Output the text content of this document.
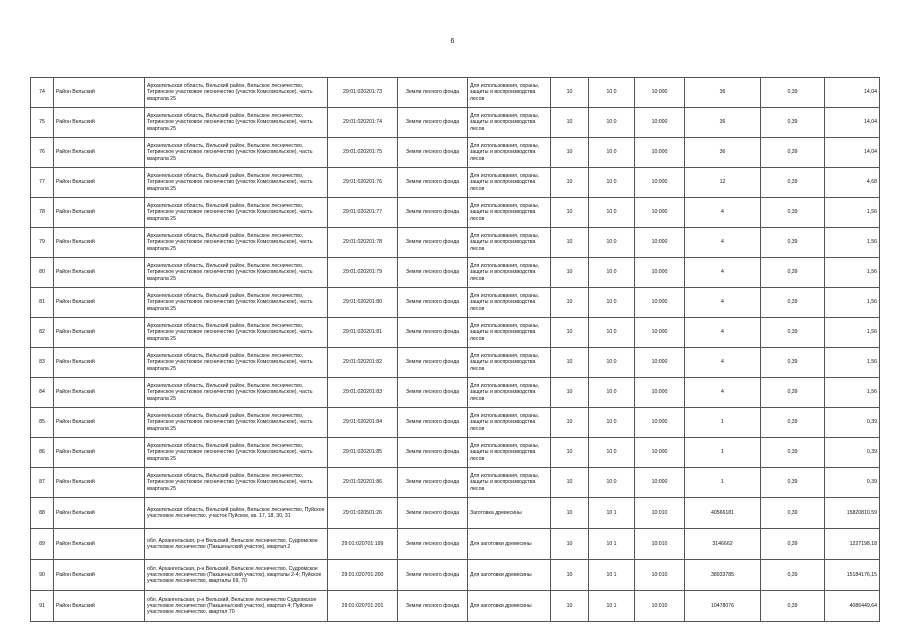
6
74	Район Вельский	Архангельская область, Вельский район, Вельское лесничество, Тегринское участковое лесничество (участок Комсомольское), часть квартала 25	29:01:020201:73	Земли лесного фонда	Для использования, охраны, защиты и воспроизводства лесов	10	10 0	10:000	36	0,39	14,04
75	Район Вельский	Архангельская область, Вельский район, Вельское лесничество, Тегринское участковое лесничество (участок Комсомольское), часть квартала 25	29:01:020201:74	Земли лесного фонда	Для использования, охраны, защиты и воспроизводства лесов	10	10 0	10:000	36	0,39	14,04
76	Район Вельский	Архангельская область, Вельский район, Вельское лесничество, Тегринское участковое лесничество (участок Комсомольское), часть квартала 25	29:01:020201:75	Земли лесного фонда	Для использования, охраны, защиты и воспроизводства лесов	10	10 0	10:000	36	0,39	14,04
77	Район Вельский	Архангельская область, Вельский район, Вельское лесничество, Тегринское участковое лесничество (участок Комсомольское), часть квартала 25	29:01:020201:76	Земли лесного фонда	Для использования, охраны, защиты и воспроизводства лесов	10	10 0	10:000	12	0,39	4,68
78	Район Вельский	Архангельская область, Вельский район, Вельское лесничество, Тегринское участковое лесничество (участок Комсомольское), часть квартала 25	29:01:020201:77	Земли лесного фонда	Для использования, охраны, защиты и воспроизводства лесов	10	10 0	10:000	4	0,39	1,56
79	Район Вельский	Архангельская область, Вельский район, Вельское лесничество, Тегринское участковое лесничество (участок Комсомольское), часть квартала 25	29:01:020201:78	Земли лесного фонда	Для использования, охраны, защиты и воспроизводства лесов	10	10 0	10:000	4	0,39	1,56
80	Район Вельский	Архангельская область, Вельский район, Вельское лесничество, Тегринское участковое лесничество (участок Комсомольское), часть квартала 25	29:01:020201:79	Земли лесного фонда	Для использования, охраны, защиты и воспроизводства лесов	10	10 0	10:000	4	0,39	1,56
81	Район Вельский	Архангельская область, Вельский район, Вельское лесничество, Тегринское участковое лесничество (участок Комсомольское), часть квартала 25	29:01:020201:80	Земли лесного фонда	Для использования, охраны, защиты и воспроизводства лесов	10	10 0	10:000	4	0,39	1,56
82	Район Вельский	Архангельская область, Вельский район, Вельское лесничество, Тегринское участковое лесничество (участок Комсомольское), часть квартала 25	29:01:020201:81	Земли лесного фонда	Для использования, охраны, защиты и воспроизводства лесов	10	10 0	10:000	4	0,39	1,56
83	Район Вельский	Архангельская область, Вельский район, Вельское лесничество, Тегринское участковое лесничество (участок Комсомольское), часть квартала 25	29:01:020201:82	Земли лесного фонда	Для использования, охраны, защиты и воспроизводства лесов	10	10 0	10:000	4	0,39	1,56
84	Район Вельский	Архангельская область, Вельский район, Вельское лесничество, Тегринское участковое лесничество (участок Комсомольское), часть квартала 25	29:01:020201:83	Земли лесного фонда	Для использования, охраны, защиты и воспроизводства лесов	10	10 0	10:000	4	0,39	1,56
85	Район Вельский	Архангельская область, Вельский район, Вельское лесничество, Тегринское участковое лесничество (участок Комсомольское), часть квартала 25	29:01:020201:84	Земли лесного фонда	Для использования, охраны, защиты и воспроизводства лесов	10	10 0	10:000	1	0,39	0,39
86	Район Вельский	Архангельская область, Вельский район, Вельское лесничество, Тегринское участковое лесничество (участок Комсомольское), часть квартала 25	29:01:020201:85	Земли лесного фонда	Для использования, охраны, защиты и воспроизводства лесов	10	10 0	10:000	1	0,39	0,39
87	Район Вельский	Архангельская область, Вельский район, Вельское лесничество, Тегринское участковое лесничество (участок Комсомольское), часть квартала 25	29:01:020201:86	Земли лесного фонда	Для использования, охраны, защиты и воспроизводства лесов	10	10 0	10:000	1	0,39	0,39
88	Район Вельский	Архангельская область, Вельский район, Вельское лесничество, Пуйское участковое лесничество, участок Пуйское, кв. 17, 18, 30, 31	29:01:020501:26	Земли лесного фонда	Заготовка древесины	10	10 1	10:010	40566181	0,39	15820810,59
89	Район Вельский	обл. Архангельская, р-н Вельский, Вельское лесничество, Судромское участковое лесничество (Пакшеньгский участок), квартал 2	29:01:020701:199	Земли лесного фонда	Для заготовки древесины	10	10 1	10:010	3146662	0,39	1227198,18
90	Район Вельский	обл. Архангельская, р-н Вельский, Вельское лесничество, Судромское участковое лесничество (Пакшеньгский участок), кварталы 2-4; Пуйское участковое лесничество, кварталы 69, 70	29:01:020701:200	Земли лесного фонда	Для заготовки древесины	10	10 1	10:010	38933785	0,39	15184176,15
91	Район Вельский	обл. Архангельская, р-н Вельский, Вельское лесничество Судромское участковое лесничество (Пакшеньгский участок), квартал 4; Пуйское участковое лесничество, квартал 70	29:01:020701:201	Земли лесного фонда	Для заготовки древесины	10	10 1	10:010	10478076	0,39	4086449,64
